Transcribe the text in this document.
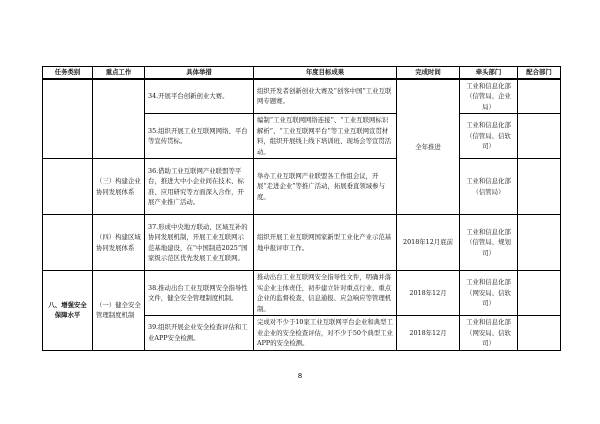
任务类别	重点工作	具体举措	年度目标成果	完成时间	牵头部门	配合部门
		34.开展平台创新创业大赛。	组织开发者创新创业大赛及“创客中国”工业互联网专题赛。	全年推进	工业和信息化部（信管局、企业局）	
		35.组织开展工业互联网网络、平台等宣传贯标。	编制“工业互联网网络连接”、“工业互联网标识解析”、“工业互联网平台”等工业互联网宣贯材料，组织开展线上线下培训班、现场会等宣贯活动。		工业和信息化部（信管局、信软司）	
	（三）构建企业协同发展体系	36.借助工业互联网产业联盟等平台，推进大中小企业间在技术、标准、应用研究等方面深入合作，开展产业推广活动。	举办工业互联网产业联盟各工作组会议，开展“走进企业”等推广活动，拓展垂直领域参与度。		工业和信息化部（信管局）	
	（四）构建区域协同发展体系	37.形成中央地方联动、区域互补的协同发展机制，开展工业互联网示范基地建设，在“中国制造2025”国家级示范区优先发展工业互联网。	组织开展工业互联网国家新型工业化产业示范基地申报评审工作。	2018年12月底前	工业和信息化部（信管局、规划司）	
八、增强安全保障水平	（一）健全安全管理制度机制	38.推动出台工业互联网安全指导性文件，健全安全管理制度机制。	推动出台工业互联网安全指导性文件，明确并落实企业主体责任，初步建立针对重点行业、重点企业的监督检查、信息通报、应急响应等管理机制。	2018年12月	工业和信息化部（网安局、信软司）	
		39.组织开展企业安全检查评估和工业APP安全检测。	完成对不少于10家工业互联网平台企业和典型工业企业的安全检查评估，对不少于50个典型工业APP的安全检测。	2018年12月	工业和信息化部（网安局、信软司）	
8
